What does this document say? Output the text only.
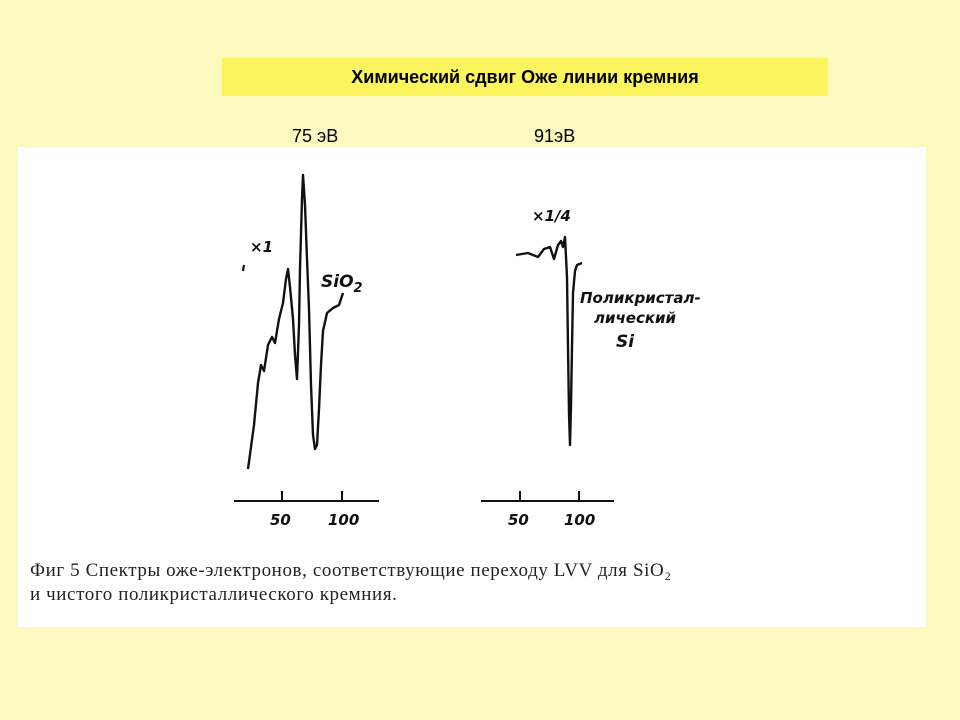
Химический сдвиг Оже линии кремния
75 эВ	91эВ
×1
SiO$_2$
50 100
×1/4
Поликристал-
лический
Si
50 100
Фиг 5 Спектры оже-электронов, соответствующие переходу LVV для SiO₂
и чистого поликристаллического кремния.
